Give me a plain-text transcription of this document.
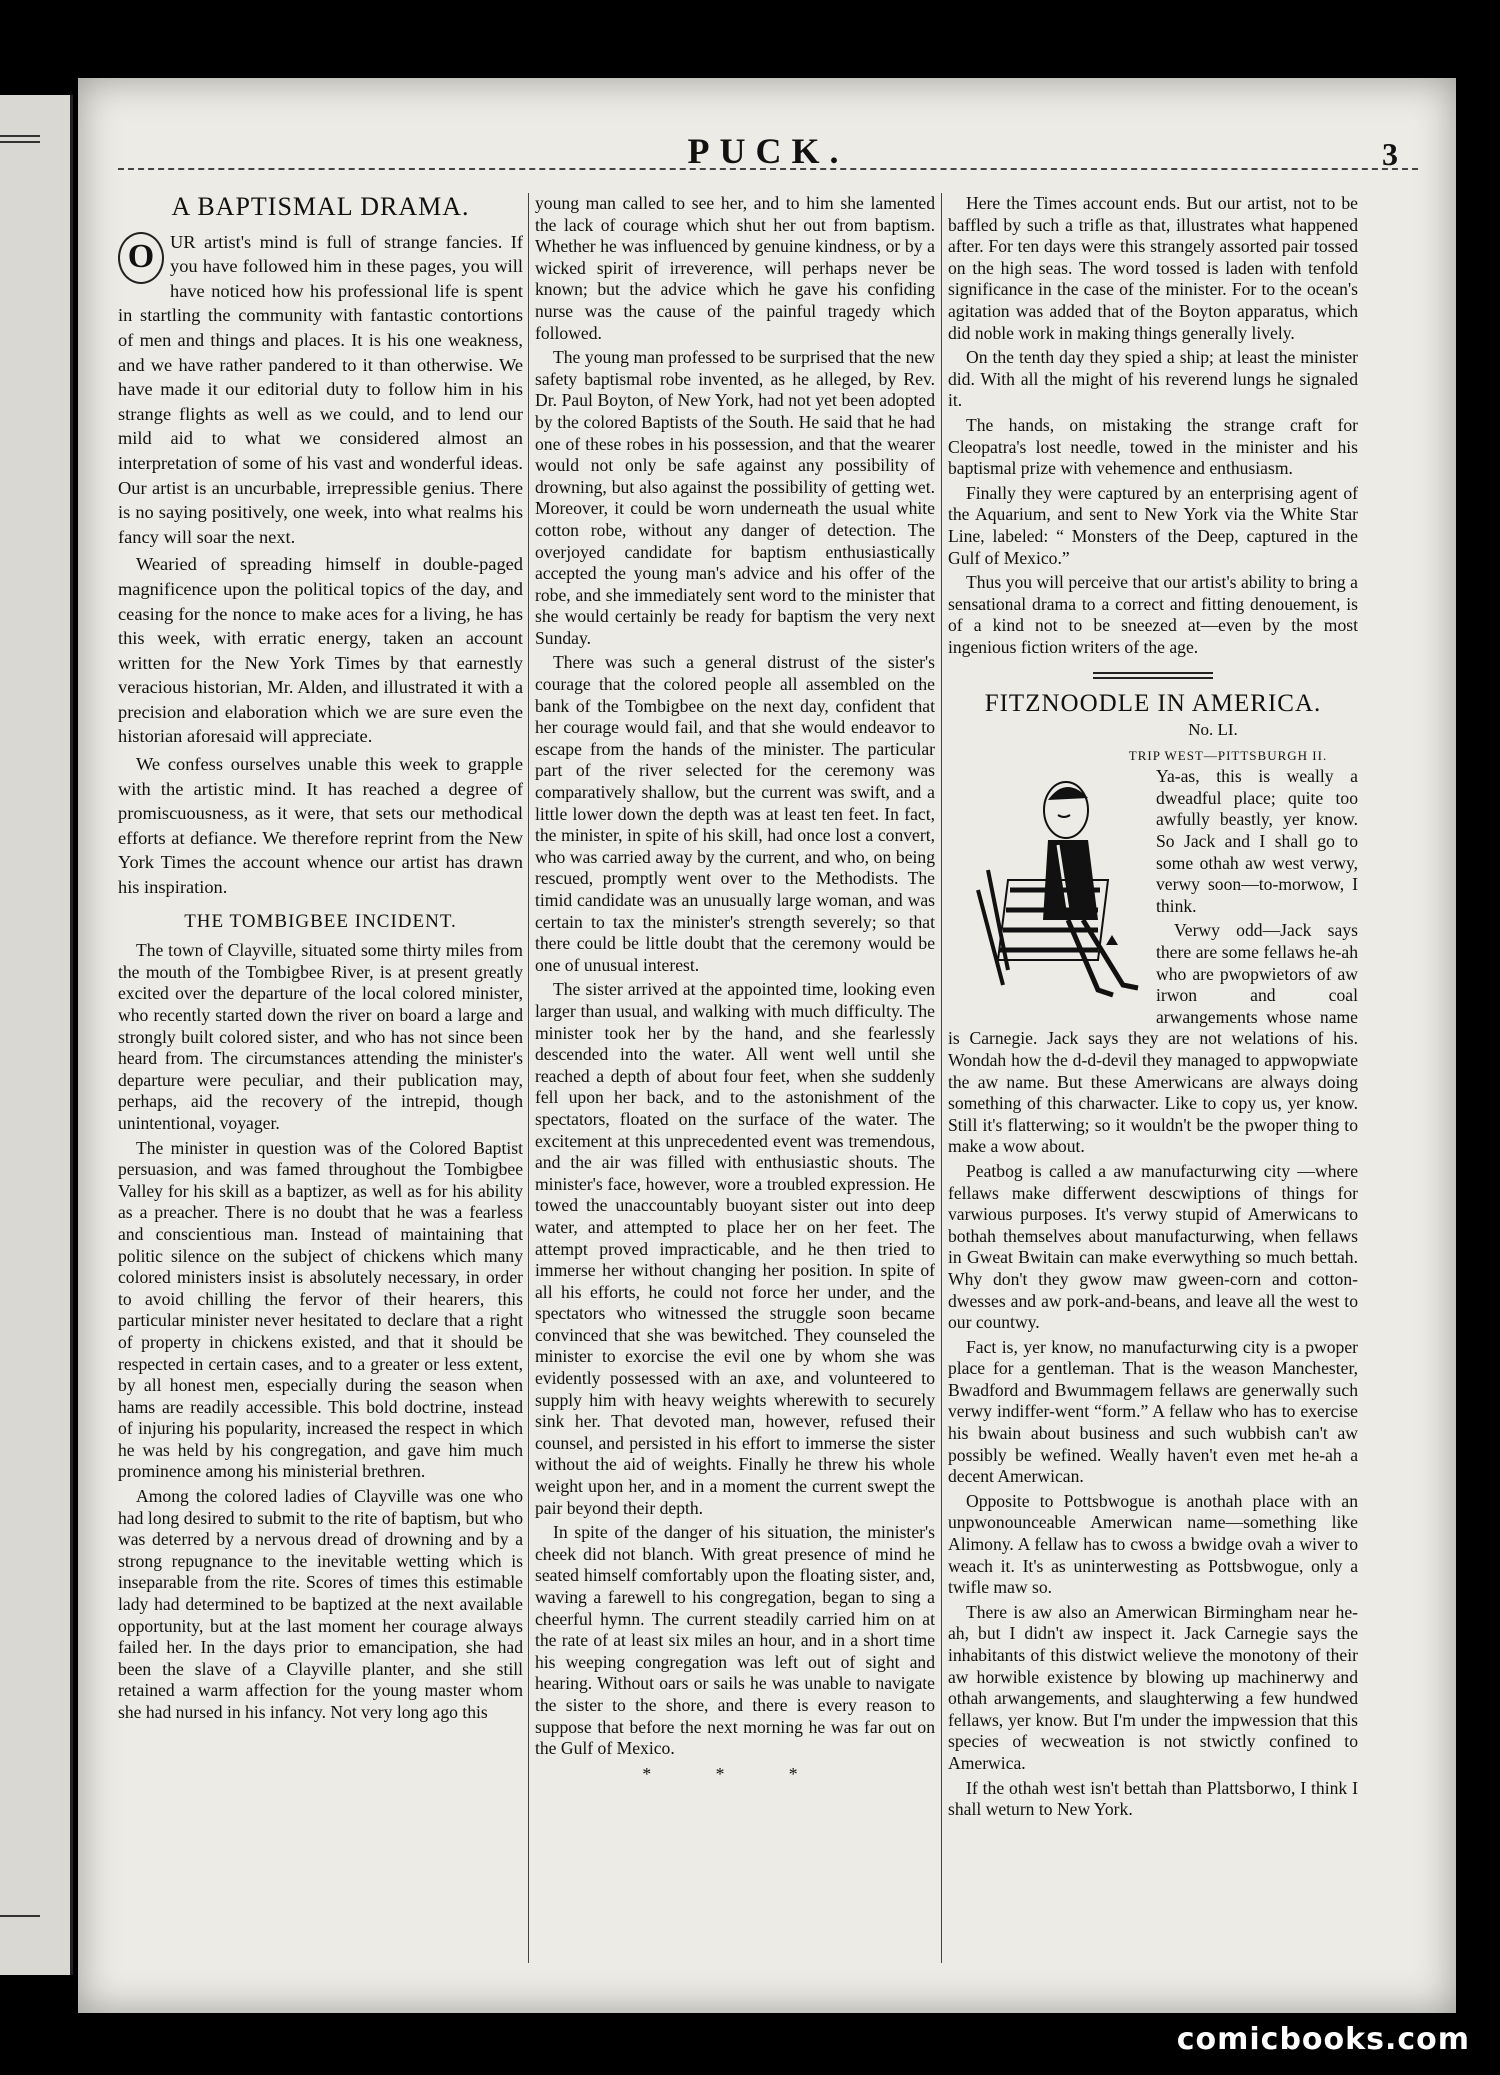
PUCK.	3
A BAPTISMAL DRAMA.

O UR artist's mind is full of strange fancies. If you have followed him in these pages, you will have noticed how his professional life is spent in startling the community with fantastic contortions of men and things and places. It is his one weakness, and we have rather pandered to it than otherwise. We have made it our editorial duty to follow him in his strange flights as well as we could, and to lend our mild aid to what we considered almost an interpretation of some of his vast and wonderful ideas. Our artist is an uncurbable, irrepressible genius. There is no saying positively, one week, into what realms his fancy will soar the next.

Wearied of spreading himself in double-paged magnificence upon the political topics of the day, and ceasing for the nonce to make aces for a living, he has this week, with erratic energy, taken an account written for the New York Times by that earnestly veracious historian, Mr. Alden, and illustrated it with a precision and elaboration which we are sure even the historian aforesaid will appreciate.

We confess ourselves unable this week to grapple with the artistic mind. It has reached a degree of promiscuousness, as it were, that sets our methodical efforts at defiance. We therefore reprint from the New York Times the account whence our artist has drawn his inspiration.

THE TOMBIGBEE INCIDENT.

The town of Clayville, situated some thirty miles from the mouth of the Tombigbee River, is at present greatly excited over the departure of the local colored minister, who recently started down the river on board a large and strongly built colored sister, and who has not since been heard from. The circumstances attending the minister's departure were peculiar, and their publication may, perhaps, aid the recovery of the intrepid, though unintentional, voyager.

The minister in question was of the Colored Baptist persuasion, and was famed throughout the Tombigbee Valley for his skill as a baptizer, as well as for his ability as a preacher. There is no doubt that he was a fearless and conscientious man. Instead of maintaining that politic silence on the subject of chickens which many colored ministers insist is absolutely necessary, in order to avoid chilling the fervor of their hearers, this particular minister never hesitated to declare that a right of property in chickens existed, and that it should be respected in certain cases, and to a greater or less extent, by all honest men, especially during the season when hams are readily accessible. This bold doctrine, instead of injuring his popularity, increased the respect in which he was held by his congregation, and gave him much prominence among his ministerial brethren.

Among the colored ladies of Clayville was one who had long desired to submit to the rite of baptism, but who was deterred by a nervous dread of drowning and by a strong repugnance to the inevitable wetting which is inseparable from the rite. Scores of times this estimable lady had determined to be baptized at the next available opportunity, but at the last moment her courage always failed her. In the days prior to emancipation, she had been the slave of a Clayville planter, and she still retained a warm affection for the young master whom she had nursed in his infancy. Not very long ago this

young man called to see her, and to him she lamented the lack of courage which shut her out from baptism. Whether he was influenced by genuine kindness, or by a wicked spirit of irreverence, will perhaps never be known; but the advice which he gave his confiding nurse was the cause of the painful tragedy which followed.

The young man professed to be surprised that the new safety baptismal robe invented, as he alleged, by Rev. Dr. Paul Boyton, of New York, had not yet been adopted by the colored Baptists of the South. He said that he had one of these robes in his possession, and that the wearer would not only be safe against any possibility of drowning, but also against the possibility of getting wet. Moreover, it could be worn underneath the usual white cotton robe, without any danger of detection. The overjoyed candidate for baptism enthusiastically accepted the young man's advice and his offer of the robe, and she immediately sent word to the minister that she would certainly be ready for baptism the very next Sunday.

There was such a general distrust of the sister's courage that the colored people all assembled on the bank of the Tombigbee on the next day, confident that her courage would fail, and that she would endeavor to escape from the hands of the minister. The particular part of the river selected for the ceremony was comparatively shallow, but the current was swift, and a little lower down the depth was at least ten feet. In fact, the minister, in spite of his skill, had once lost a convert, who was carried away by the current, and who, on being rescued, promptly went over to the Methodists. The timid candidate was an unusually large woman, and was certain to tax the minister's strength severely; so that there could be little doubt that the ceremony would be one of unusual interest.

The sister arrived at the appointed time, looking even larger than usual, and walking with much difficulty. The minister took her by the hand, and she fearlessly descended into the water. All went well until she reached a depth of about four feet, when she suddenly fell upon her back, and to the astonishment of the spectators, floated on the surface of the water. The excitement at this unprecedented event was tremendous, and the air was filled with enthusiastic shouts. The minister's face, however, wore a troubled expression. He towed the unaccountably buoyant sister out into deep water, and attempted to place her on her feet. The attempt proved impracticable, and he then tried to immerse her without changing her position. In spite of all his efforts, he could not force her under, and the spectators who witnessed the struggle soon became convinced that she was bewitched. They counseled the minister to exorcise the evil one by whom she was evidently possessed with an axe, and volunteered to supply him with heavy weights wherewith to securely sink her. That devoted man, however, refused their counsel, and persisted in his effort to immerse the sister without the aid of weights. Finally he threw his whole weight upon her, and in a moment the current swept the pair beyond their depth.

In spite of the danger of his situation, the minister's cheek did not blanch. With great presence of mind he seated himself comfortably upon the floating sister, and, waving a farewell to his congregation, began to sing a cheerful hymn. The current steadily carried him on at the rate of at least six miles an hour, and in a short time his weeping congregation was left out of sight and hearing. Without oars or sails he was unable to navigate the sister to the shore, and there is every reason to suppose that before the next morning he was far out on the Gulf of Mexico.

* * *

Here the Times account ends. But our artist, not to be baffled by such a trifle as that, illustrates what happened after. For ten days were this strangely assorted pair tossed on the high seas. The word tossed is laden with tenfold significance in the case of the minister. For to the ocean's agitation was added that of the Boyton apparatus, which did noble work in making things generally lively.

On the tenth day they spied a ship; at least the minister did. With all the might of his reverend lungs he signaled it.

The hands, on mistaking the strange craft for Cleopatra's lost needle, towed in the minister and his baptismal prize with vehemence and enthusiasm.

Finally they were captured by an enterprising agent of the Aquarium, and sent to New York via the White Star Line, labeled: “ Monsters of the Deep, captured in the Gulf of Mexico.”

Thus you will perceive that our artist's ability to bring a sensational drama to a correct and fitting denouement, is of a kind not to be sneezed at—even by the most ingenious fiction writers of the age.

FITZNOODLE IN AMERICA.
No. LI.
TRIP WEST—PITTSBURGH II.

Ya-as, this is weally a dweadful place; quite too awfully beastly, yer know. So Jack and I shall go to some othah aw west verwy, verwy soon—to-morwow, I think.

Verwy odd—Jack says there are some fellaws he-ah who are pwopwietors of aw irwon and coal arwangements whose name is Carnegie. Jack says they are not welations of his. Wondah how the d-d-devil they managed to appwopwiate the aw name. But these Amerwicans are always doing something of this charwacter. Like to copy us, yer know. Still it's flatterwing; so it wouldn't be the pwoper thing to make a wow about.

Peatbog is called a aw manufacturwing city —where fellaws make differwent descwiptions of things for varwious purposes. It's verwy stupid of Amerwicans to bothah themselves about manufacturwing, when fellaws in Gweat Bwitain can make everwything so much bettah. Why don't they gwow maw gween-corn and cotton-dwesses and aw pork-and-beans, and leave all the west to our countwy.

Fact is, yer know, no manufacturwing city is a pwoper place for a gentleman. That is the weason Manchester, Bwadford and Bwummagem fellaws are generwally such verwy indiffer-went “form.” A fellaw who has to exercise his bwain about business and such wubbish can't aw possibly be wefined. Weally haven't even met he-ah a decent Amerwican.

Opposite to Pottsbwogue is anothah place with an unpwonounceable Amerwican name—something like Alimony. A fellaw has to cwoss a bwidge ovah a wiver to weach it. It's as uninterwesting as Pottsbwogue, only a twifle maw so.

There is aw also an Amerwican Birmingham near he-ah, but I didn't aw inspect it. Jack Carnegie says the inhabitants of this distwict welieve the monotony of their aw horwible existence by blowing up machinerwy and othah arwangements, and slaughterwing a few hundwed fellaws, yer know. But I'm under the impwession that this species of wecweation is not stwictly confined to Amerwica.

If the othah west isn't bettah than Plattsborwo, I think I shall weturn to New York.

comicbooks.com
